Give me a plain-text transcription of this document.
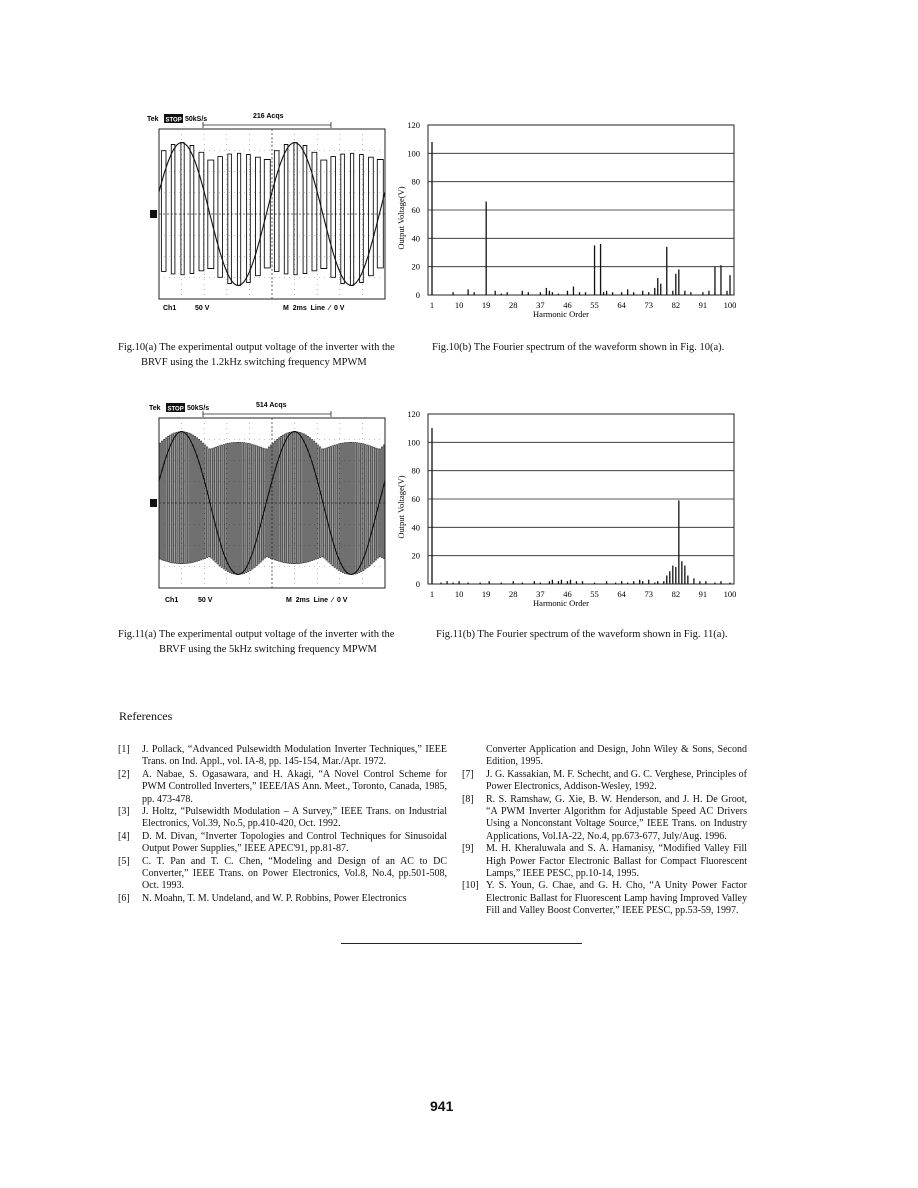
Tek STOP 50kS/s	216 Acqs
Ch1	50 V	M  2ms  Line  ∕  0 V
Fig.10(a) The experimental output voltage of the inverter with the
BRVF using the 1.2kHz switching frequency MPWM
0
20
40
60
80
100
120
1 10 19 28 37 46 55 64 73 82 91 100
Harmonic Order
Output Voltage(V)
Fig.10(b) The Fourier spectrum of the waveform shown in Fig. 10(a).
Tek STOP 50kS/s	514 Acqs
Ch1	50 V	M  2ms  Line  ∕  0 V
Fig.11(a) The experimental output voltage of the inverter with the
BRVF using the 5kHz switching frequency MPWM
0
20
40
60
80
100
120
1 10 19 28 37 46 55 64 73 82 91 100
Harmonic Order
Output Voltage(V)
Fig.11(b) The Fourier spectrum of the waveform shown in Fig. 11(a).
References
[1]	J. Pollack, “Advanced Pulsewidth Modulation Inverter Techniques,” IEEE Trans. on Ind. Appl., vol. IA-8, pp. 145-154, Mar./Apr. 1972.
[2]	A. Nabae, S. Ogasawara, and H. Akagi, “A Novel Control Scheme for PWM Controlled Inverters,” IEEE/IAS Ann. Meet., Toronto, Canada, 1985, pp. 473-478.
[3]	J. Holtz, “Pulsewidth Modulation – A Survey,” IEEE Trans. on Industrial Electronics, Vol.39, No.5, pp.410-420, Oct. 1992.
[4]	D. M. Divan, “Inverter Topologies and Control Techniques for Sinusoidal Output Power Supplies,” IEEE APEC'91, pp.81-87.
[5]	C. T. Pan and T. C. Chen, “Modeling and Design of an AC to DC Converter,” IEEE Trans. on Power Electronics, Vol.8, No.4, pp.501-508, Oct. 1993.
[6]	N. Moahn, T. M. Undeland, and W. P. Robbins, Power Electronics
Converter Application and Design, John Wiley & Sons, Second Edition, 1995.
[7]	J. G. Kassakian, M. F. Schecht, and G. C. Verghese, Principles of Power Electronics, Addison-Wesley, 1992.
[8]	R. S. Ramshaw, G. Xie, B. W. Henderson, and J. H. De Groot, “A PWM Inverter Algorithm for Adjustable Speed AC Drivers Using a Nonconstant Voltage Source,” IEEE Trans. on Industry Applications, Vol.IA-22, No.4, pp.673-677, July/Aug. 1996.
[9]	M. H. Kheraluwala and S. A. Hamanisy, “Modified Valley Fill High Power Factor Electronic Ballast for Compact Fluorescent Lamps,” IEEE PESC, pp.10-14, 1995.
[10] Y. S. Youn, G. Chae, and G. H. Cho, “A Unity Power Factor Electronic Ballast for Fluorescent Lamp having Improved Valley Fill and Valley Boost Converter,” IEEE PESC, pp.53-59, 1997.
941
